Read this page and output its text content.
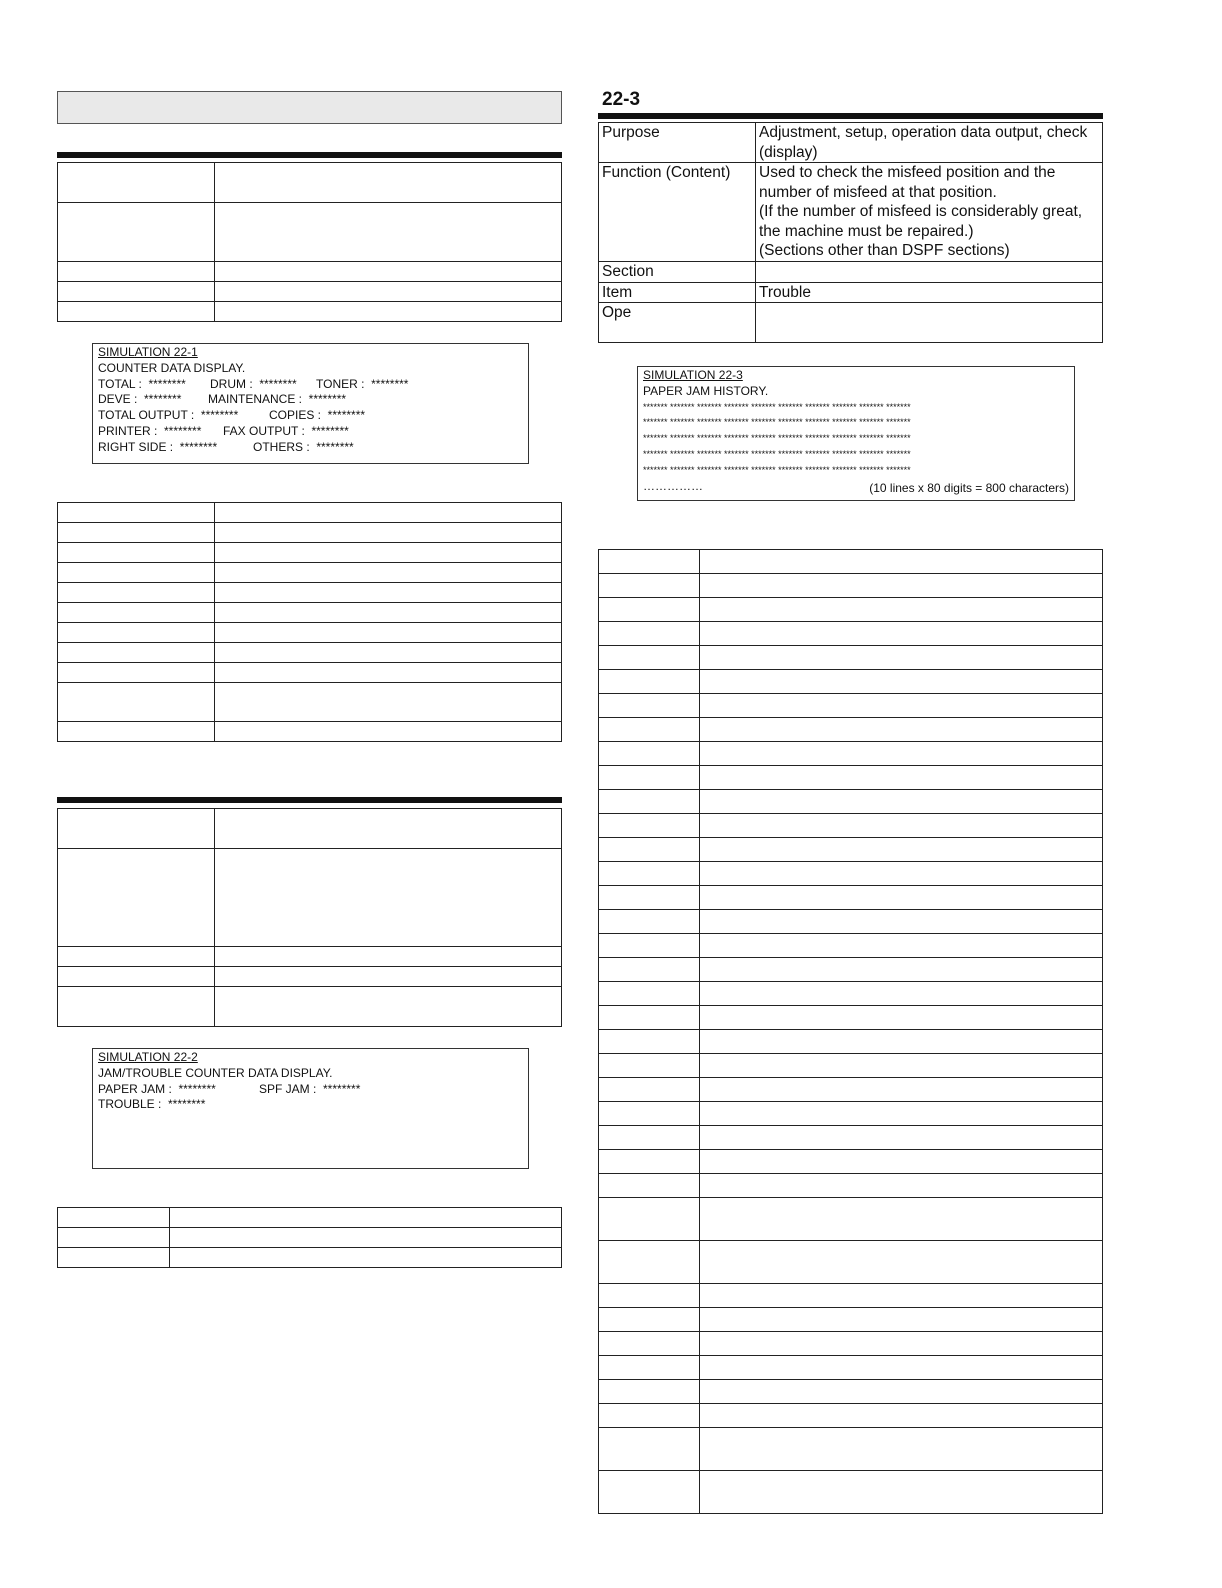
SIMULATION 22-1
COUNTER DATA DISPLAY.
TOTAL :  ******** DRUM :  ******** TONER :  ********
DEVE :  ******** MAINTENANCE :  ********
TOTAL OUTPUT :  ********	COPIES :  ********
PRINTER :  ******** FAX OUTPUT :  ********
RIGHT SIDE :  ********	OTHERS :  ********

SIMULATION 22-2
JAM/TROUBLE COUNTER DATA DISPLAY.
PAPER JAM :  ********	SPF JAM :  ********
TROUBLE :  ********

22-3
Purpose	Adjustment, setup, operation data output, check
(display)

Function (Content)	Used to check the misfeed position and the
number of misfeed at that position.
(If the number of misfeed is considerably great,
the machine must be repaired.)
(Sections other than DSPF sections)

Section	
Item	Trouble
Ope	
SIMULATION 22-3
PAPER JAM HISTORY.
******* ******* ******* ******* ******* ******* ******* ******* ******* *******
******* ******* ******* ******* ******* ******* ******* ******* ******* *******
******* ******* ******* ******* ******* ******* ******* ******* ******* *******
******* ******* ******* ******* ******* ******* ******* ******* ******* *******
******* ******* ******* ******* ******* ******* ******* ******* ******* *******
……………	(10 lines x 80 digits = 800 characters)
